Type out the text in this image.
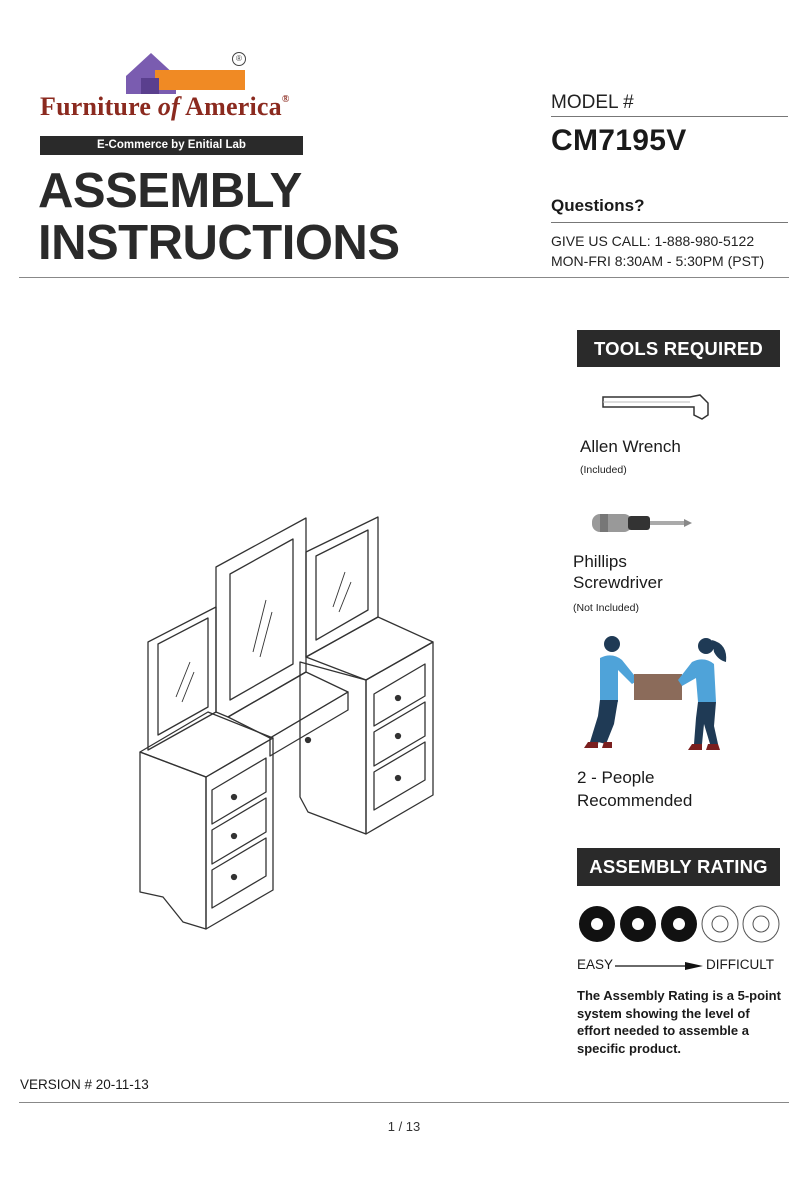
®
Furniture of America®
E-Commerce by Enitial Lab
ASSEMBLY
INSTRUCTIONS
MODEL #
CM7195V
Questions?
GIVE US CALL: 1-888-980-5122
MON-FRI 8:30AM - 5:30PM (PST)
TOOLS REQUIRED
Allen Wrench
(Included)
Phillips
Screwdriver
(Not Included)
2 - People
Recommended
ASSEMBLY RATING
EASY	DIFFICULT
The Assembly Rating is a 5-point system showing the level of effort needed to assemble a specific product.
VERSION # 20-11-13
1 / 13
